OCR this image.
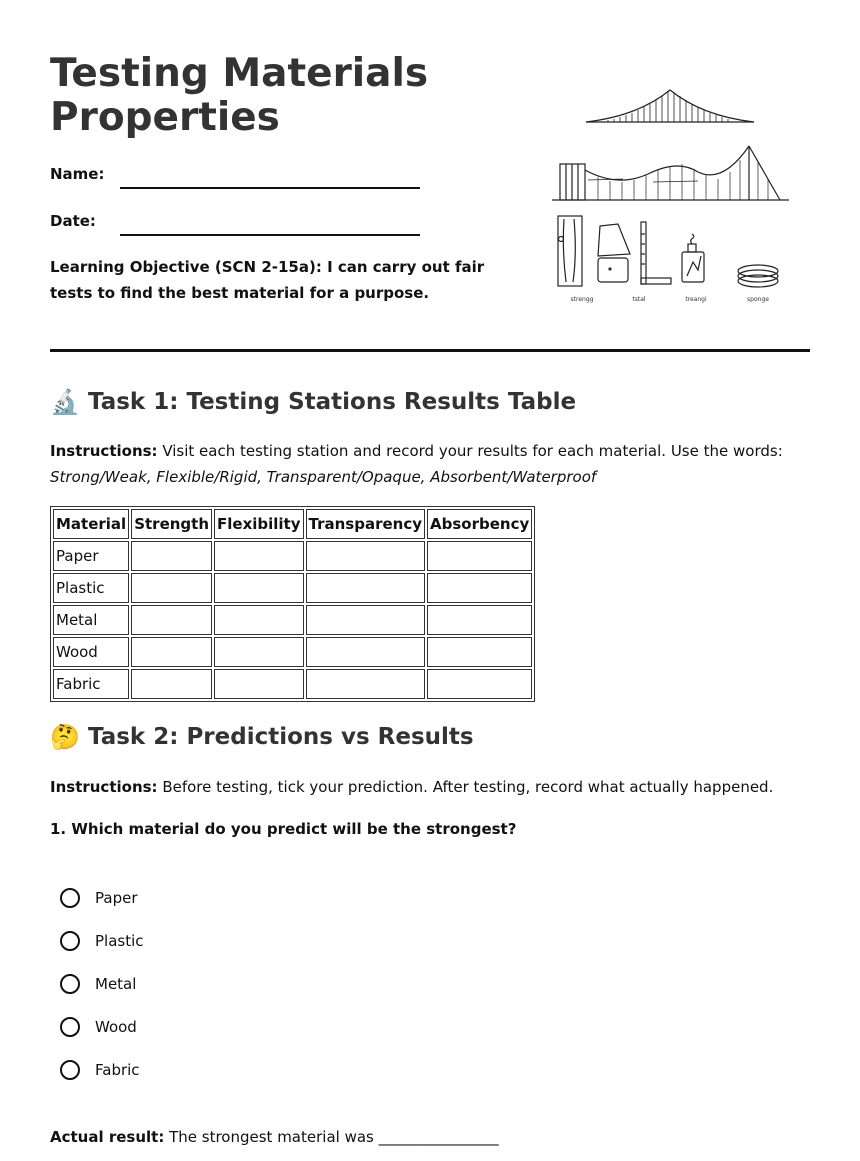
Testing Materials
Properties
Name:
Date:
Learning Objective (SCN 2-15a): I can carry out fair tests to find the best material for a purpose.	strengg	tstal	treangi	sponge
🔬 Task 1: Testing Stations Results Table
Instructions: Visit each testing station and record your results for each material. Use the words:
Strong/Weak, Flexible/Rigid, Transparent/Opaque, Absorbent/Waterproof
Material	Strength	Flexibility	Transparency	Absorbency
Paper				
Plastic				
Metal				
Wood				
Fabric				
🤔 Task 2: Predictions vs Results
Instructions: Before testing, tick your prediction. After testing, record what actually happened.
1. Which material do you predict will be the strongest?
Paper
Plastic
Metal
Wood
Fabric
Actual result: The strongest material was ________________
